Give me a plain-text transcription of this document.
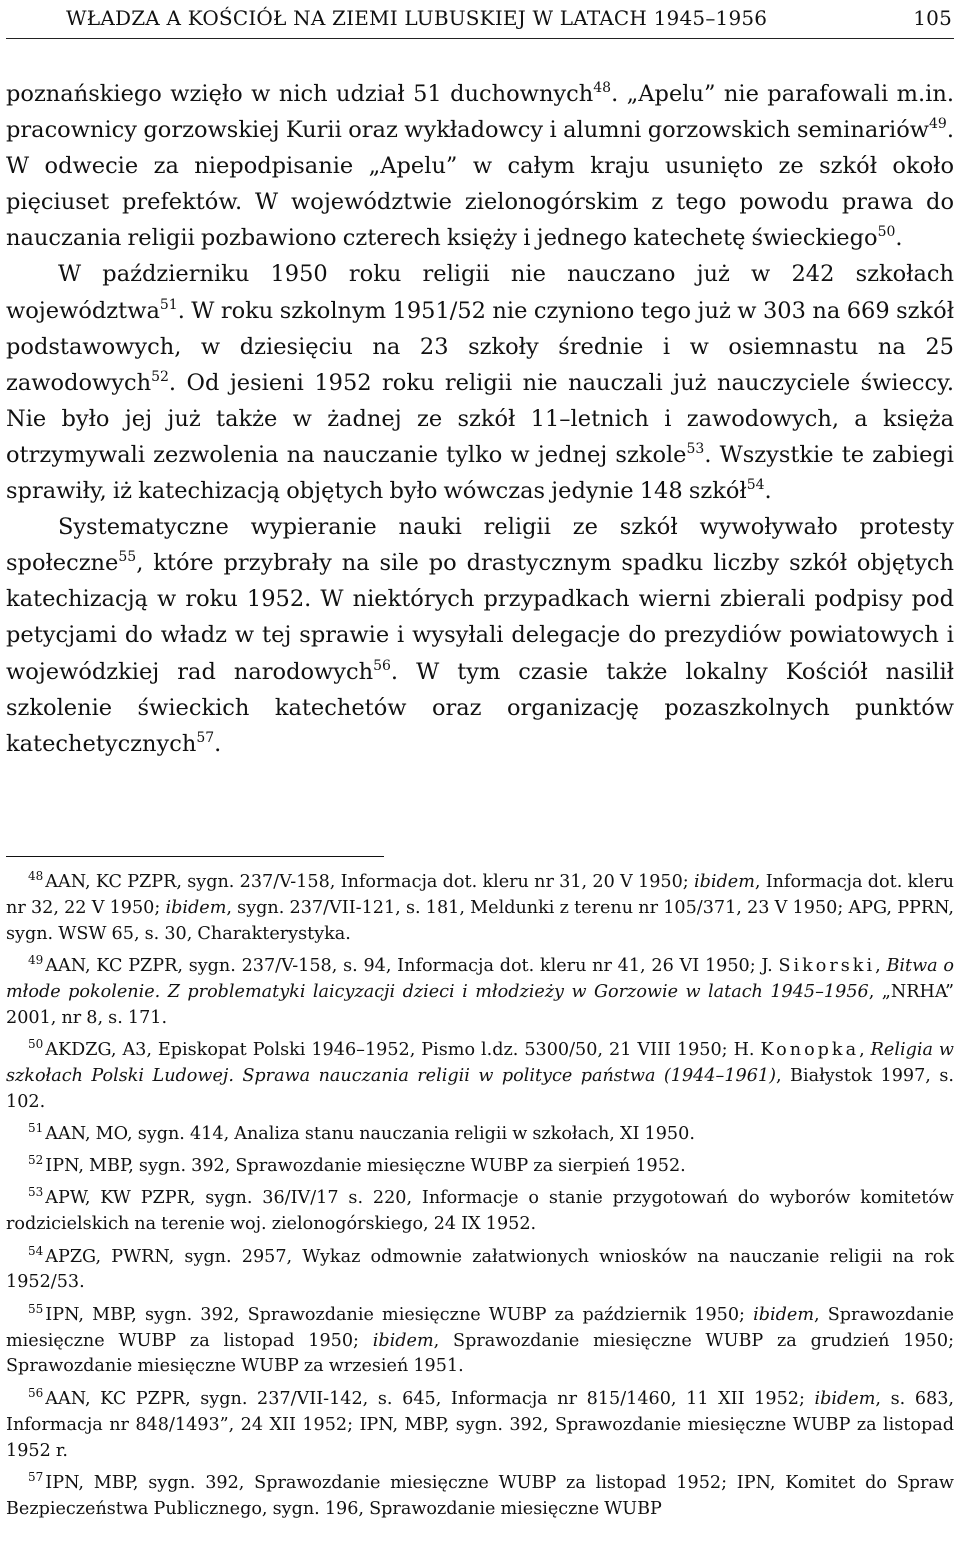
WŁADZA A KOŚCIÓŁ NA ZIEMI LUBUSKIEJ W LATACH 1945–1956	105

poznańskiego wzięło w nich udział 51 duchownych$^{48}$. „Apelu” nie parafowali m.in. pracownicy gorzowskiej Kurii oraz wykładowcy i alumni gorzowskich seminariów$^{49}$. W odwecie za niepodpisanie „Apelu” w całym kraju usunięto ze szkół około pięciuset prefektów. W województwie zielonogórskim z tego powodu prawa do nauczania religii pozbawiono czterech księży i jednego katechetę świeckiego$^{50}$.

W październiku 1950 roku religii nie nauczano już w 242 szkołach województwa$^{51}$. W roku szkolnym 1951/52 nie czyniono tego już w 303 na 669 szkół podstawowych, w dziesięciu na 23 szkoły średnie i w osiemnastu na 25 zawodowych$^{52}$. Od jesieni 1952 roku religii nie nauczali już nauczyciele świeccy. Nie było jej już także w żadnej ze szkół 11–letnich i zawodowych, a księża otrzymywali zezwolenia na nauczanie tylko w jednej szkole$^{53}$. Wszystkie te zabiegi sprawiły, iż katechizacją objętych było wówczas jedynie 148 szkół$^{54}$.

Systematyczne wypieranie nauki religii ze szkół wywoływało protesty społeczne$^{55}$, które przybrały na sile po drastycznym spadku liczby szkół objętych katechizacją w roku 1952. W niektórych przypadkach wierni zbierali podpisy pod petycjami do władz w tej sprawie i wysyłali delegacje do prezydiów powiatowych i wojewódzkiej rad narodowych$^{56}$. W tym czasie także lokalny Kościół nasilił szkolenie świeckich katechetów oraz organizację pozaszkolnych punktów katechetycznych$^{57}$.

$^{48}$ AAN, KC PZPR, sygn. 237/V-158, Informacja dot. kleru nr 31, 20 V 1950; ibidem, Informacja dot. kleru nr 32, 22 V 1950; ibidem, sygn. 237/VII-121, s. 181, Meldunki z terenu nr 105/371, 23 V 1950; APG, PPRN, sygn. WSW 65, s. 30, Charakterystyka.

$^{49}$ AAN, KC PZPR, sygn. 237/V-158, s. 94, Informacja dot. kleru nr 41, 26 VI 1950; J. Sikorski, Bitwa o młode pokolenie. Z problematyki laicyzacji dzieci i młodzieży w Gorzowie w latach 1945–1956, „NRHA” 2001, nr 8, s. 171.

$^{50}$ AKDZG, A3, Episkopat Polski 1946–1952, Pismo l.dz. 5300/50, 21 VIII 1950; H. Konopka, Religia w szkołach Polski Ludowej. Sprawa nauczania religii w polityce państwa (1944–1961), Białystok 1997, s. 102.

$^{51}$ AAN, MO, sygn. 414, Analiza stanu nauczania religii w szkołach, XI 1950.

$^{52}$ IPN, MBP, sygn. 392, Sprawozdanie miesięczne WUBP za sierpień 1952.

$^{53}$ APW, KW PZPR, sygn. 36/IV/17 s. 220, Informacje o stanie przygotowań do wyborów komitetów rodzicielskich na terenie woj. zielonogórskiego, 24 IX 1952.

$^{54}$ APZG, PWRN, sygn. 2957, Wykaz odmownie załatwionych wniosków na nauczanie religii na rok 1952/53.

$^{55}$ IPN, MBP, sygn. 392, Sprawozdanie miesięczne WUBP za październik 1950; ibidem, Sprawozdanie miesięczne WUBP za listopad 1950; ibidem, Sprawozdanie miesięczne WUBP za grudzień 1950; Sprawozdanie miesięczne WUBP za wrzesień 1951.

$^{56}$ AAN, KC PZPR, sygn. 237/VII-142, s. 645, Informacja nr 815/1460, 11 XII 1952; ibidem, s. 683, Informacja nr 848/1493”, 24 XII 1952; IPN, MBP, sygn. 392, Sprawozdanie miesięczne WUBP za listopad 1952 r.

$^{57}$ IPN, MBP, sygn. 392, Sprawozdanie miesięczne WUBP za listopad 1952; IPN, Komitet do Spraw Bezpieczeństwa Publicznego, sygn. 196, Sprawozdanie miesięczne WUBP
